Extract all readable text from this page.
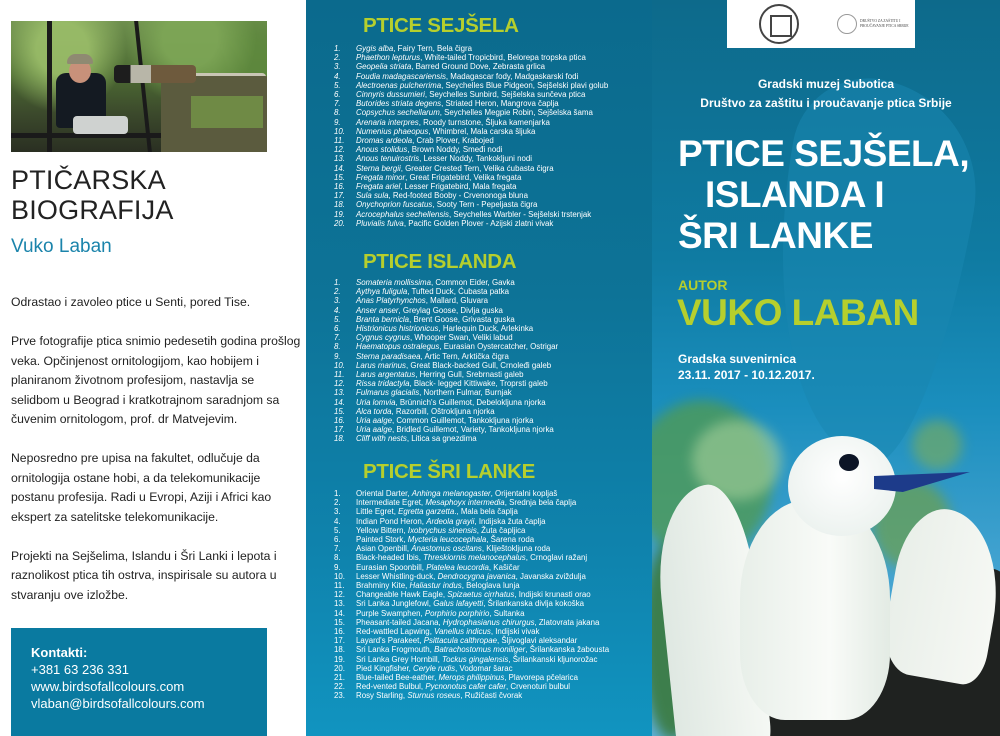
PTIČARSKA
BIOGRAFIJA
Vuko Laban

Odrastao i zavoleo ptice u Senti, pored Tise.

Prve fotografije ptica snimio pedesetih godina prošlog veka. Opčinjenost ornitologijom, kao hobijem i planiranom životnom profesijom, nastavlja se selidbom u Beograd i kratkotrajnom saradnjom sa čuvenim ornitologom, prof. dr Matvejevim.

Neposredno pre upisa na fakultet, odlučuje da ornitologija ostane hobi, a da telekomunikacije postanu profesija. Radi u Evropi, Aziji i Africi kao ekspert za satelitske telekomunikacije.

Projekti na Sejšelima, Islandu i Šri Lanki i lepota i raznolikost ptica tih ostrva, inspirisale su autora u stvaranju ove izložbe.

Kontakti:
+381 63 236 331
www.birdsofallcolours.com
vlaban@birdsofallcolours.com
PTICE SEJŠELA
1.	Gygis alba, Fairy Tern, Bela čigra
2.	Phaethon lepturus, White-tailed Tropicbird, Belorepa tropska ptica
3.	Geopelia striata, Barred Ground Dove, Zebrasta grlica
4.	Foudia madagascariensis, Madagascar fody, Madgaskarski fodi
5.	Alectroenas pulcherrima, Seychelles Blue Pidgeon, Sejšelski plavi golub
6.	Cinnyris dussumieri, Seychelles Sunbird, Sejšelska sunčeva ptica
7.	Butorides striata degens, Striated Heron, Mangrova čaplja
8.	Copsychus sechellarum, Seychelles Megpie Robin, Sejšelska šama
9.	Arenaria interpres, Roody turnstone, Šljuka kamenjarka
10.	Numenius phaeopus, Whimbrel, Mala carska šljuka
11.	Dromas ardeola, Crab Plover, Krabojed
12.	Anous stolidus, Brown Noddy, Smeđi nodi
13.	Anous tenuirostris, Lesser Noddy, Tankokljuni nodi
14.	Sterna bergii, Greater Crested Tern, Velika ćubasta čigra
15.	Fregata minor, Great Frigatebird, Velika fregata
16.	Fregata ariel, Lesser Frigatebird, Mala fregata
17.	Sula sula, Red-footed Booby - Crvenonoga bluna
18.	Onychoprion fuscatus, Sooty Tern - Pepeljasta čigra
19.	Acrocephalus sechellensis, Seychelles Warbler - Sejšelski trstenjak
20.	Pluvialis fulva, Pacific Golden Plover - Azijski zlatni vivak
PTICE ISLANDA
1.	Somateria mollissima, Common Eider, Gavka
2.	Aythya fuligula, Tufted Duck, Ćubasta patka
3.	Anas Platyrhynchos, Mallard, Gluvara
4.	Anser anser, Greylag Goose, Divlja guska
5.	Branta bernicla, Brent Goose, Grivasta guska
6.	Histrionicus histrionicus, Harlequin Duck, Arlekinka
7.	Cygnus cygnus, Whooper Swan, Veliki labud
8.	Haematopus ostralegus, Eurasian Oystercatcher, Ostrigar
9.	Sterna paradisaea, Artic Tern, Arktička čigra
10.	Larus marinus, Great Black-backed Gull, Crnoleđi galeb
11.	Larus argentatus, Herring Gull, Srebrnasti galeb
12.	Rissa tridactyla, Black- legged Kittiwake, Troprsti galeb
13.	Fulmarus glacialis, Northern Fulmar, Burnjak
14.	Uria lomvia, Brünnich's Guillemot, Debelokljuna njorka
15.	Alca torda, Razorbill, Oštrokljuna njorka
16.	Uria aalge, Common Guillemot, Tankokljuna njorka
17.	Uria aalge, Bridled Guillemot, Variety, Tankokljuna njorka
18.	Cliff with nests, Litica sa gnezdima
PTICE ŠRI LANKE
1.	Oriental Darter, Anhinga melanogaster, Orijentalni kopljaš
2.	Intermediate Egret, Mesaphoyx intermedia, Srednja bela čaplja
3.	Little Egret, Egretta garzetta., Mala bela čaplja
4.	Indian Pond Heron, Ardeola grayii, Indijska žuta čaplja
5.	Yellow Bittern, Ixobrychus sinensis, Žuta čapljica
6.	Painted Stork, Mycteria leucocephala, Šarena roda
7.	Asian Openbill, Anastomus oscitans, Kliještokljuna roda
8.	Black-headed Ibis, Threskiornis melanocephalus, Crnoglavi ražanj
9.	Eurasian Spoonbill, Platelea leucordia, Kašičar
10.	Lesser Whistling-duck, Dendrocygna javanica, Javanska zviždulja
11.	Brahminy Kite, Haliastur indus, Beloglava lunja
12.	Changeable Hawk Eagle, Spizaetus cirrhatus, Indijski krunasti orao
13.	Sri Lanka Junglefowl, Galus lafayetti, Šrilankanska divlja kokoška
14.	Purple Swamphen, Porphirio porphirio, Sultanka
15.	Pheasant-tailed Jacana, Hydrophasianus chirurgus, Zlatovrata jakana
16.	Red-wattled Lapwing, Vanellus indicus, Indijski vivak
17.	Layard's Parakeet, Psittacula calthropae, Šljivoglavi aleksandar
18.	Sri Lanka Frogmouth, Batrachostomus moniliger, Šrilankanska žabousta
19.	Sri Lanka Grey Hornbill, Tockus gingalensis, Šrilankanski kljunorožac
20.	Pied Kingfisher, Ceryle rudis, Vodomar šarac
21.	Blue-tailed Bee-eather, Merops philippinus, Plavorepa pčelarica
22.	Red-vented Bulbul, Pycnonotus cafer cafer, Crvenoturi bulbul
23.	Rosy Starling, Sturnus roseus, Ružičasti čvorak
DRUŠTVO ZA ZAŠTITU I PROUČAVANJE PTICA SRBIJE
Gradski muzej Subotica
Društvo za zaštitu i proučavanje ptica Srbije
PTICE SEJŠELA,
ISLANDA I
ŠRI LANKE
AUTOR
VUKO LABAN
Gradska suvenirnica
23.11. 2017 - 10.12.2017.
